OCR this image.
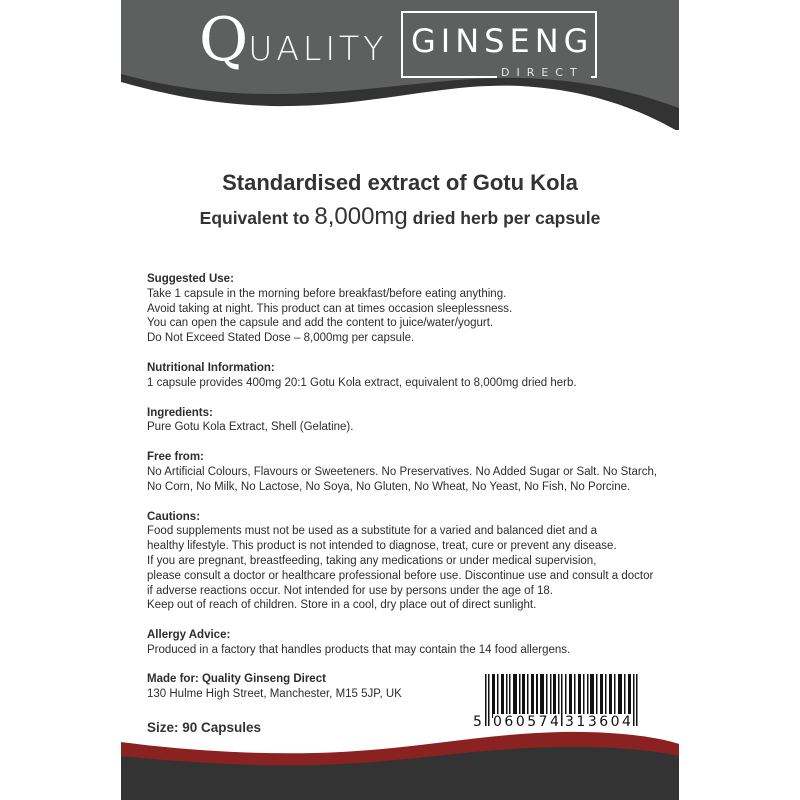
QUALITY GINSENG
DIRECT
Standardised extract of Gotu Kola
Equivalent to 8,000mg dried herb per capsule
Suggested Use:
Take 1 capsule in the morning before breakfast/before eating anything.
Avoid taking at night. This product can at times occasion sleeplessness.
You can open the capsule and add the content to juice/water/yogurt.
Do Not Exceed Stated Dose – 8,000mg per capsule.
Nutritional Information:
1 capsule provides 400mg 20:1 Gotu Kola extract, equivalent to 8,000mg dried herb.
Ingredients:
Pure Gotu Kola Extract, Shell (Gelatine).
Free from:
No Artificial Colours, Flavours or Sweeteners. No Preservatives. No Added Sugar or Salt. No Starch,
No Corn, No Milk, No Lactose, No Soya, No Gluten, No Wheat, No Yeast, No Fish, No Porcine.
Cautions:
Food supplements must not be used as a substitute for a varied and balanced diet and a
healthy lifestyle. This product is not intended to diagnose, treat, cure or prevent any disease.
If you are pregnant, breastfeeding, taking any medications or under medical supervision,
please consult a doctor or healthcare professional before use. Discontinue use and consult a doctor
if adverse reactions occur. Not intended for use by persons under the age of 18.
Keep out of reach of children. Store in a cool, dry place out of direct sunlight.
Allergy Advice:
Produced in a factory that handles products that may contain the 14 food allergens.
Made for: Quality Ginseng Direct
130 Hulme High Street, Manchester, M15 5JP, UK
Size: 90 Capsules	5 060574 313604
